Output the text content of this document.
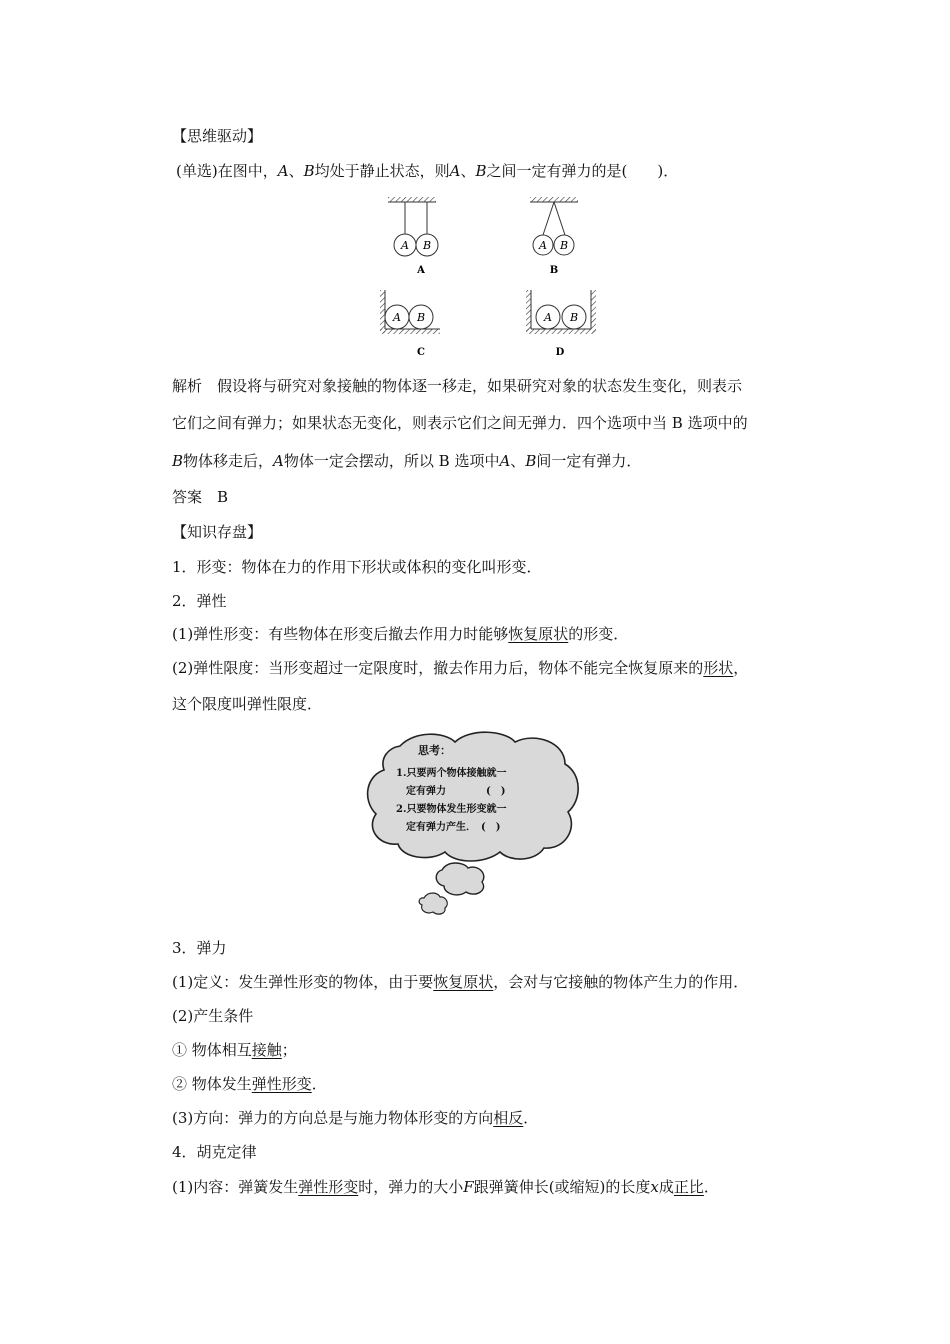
【思维驱动】
(单选)在图中，A、B均处于静止状态，则A、B之间一定有弹力的是(　　)．
A B
A
A B
B
A B
C
A B
D
解析　 假设将与研究对象接触的物体逐一移走，如果研究对象的状态发生变化，则表示
它们之间有弹力；如果状态无变化，则表示它们之间无弹力．四个选项中当 B 选项中的
B物体移走后，A物体一定会摆动，所以 B 选项中A、B间一定有弹力．
答案　 B
【知识存盘】
1．形变：物体在力的作用下形状或体积的变化叫形变．
2．弹性
(1)弹性形变：有些物体在形变后撤去作用力时能够恢复原状的形变．
(2)弹性限度：当形变超过一定限度时，撤去作用力后，物体不能完全恢复原来的形状，
这个限度叫弹性限度．
思考：
1.只要两个物体接触就一
定有弹力　　　　(　)
2.只要物体发生形变就一
定有弹力产生．　(　)
3．弹力
(1)定义：发生弹性形变的物体，由于要恢复原状，会对与它接触的物体产生力的作用．
(2)产生条件
① 物体相互接触；
② 物体发生弹性形变．
(3)方向：弹力的方向总是与施力物体形变的方向相反．
4．胡克定律
(1)内容：弹簧发生弹性形变时，弹力的大小F跟弹簧伸长(或缩短)的长度x成正比．
